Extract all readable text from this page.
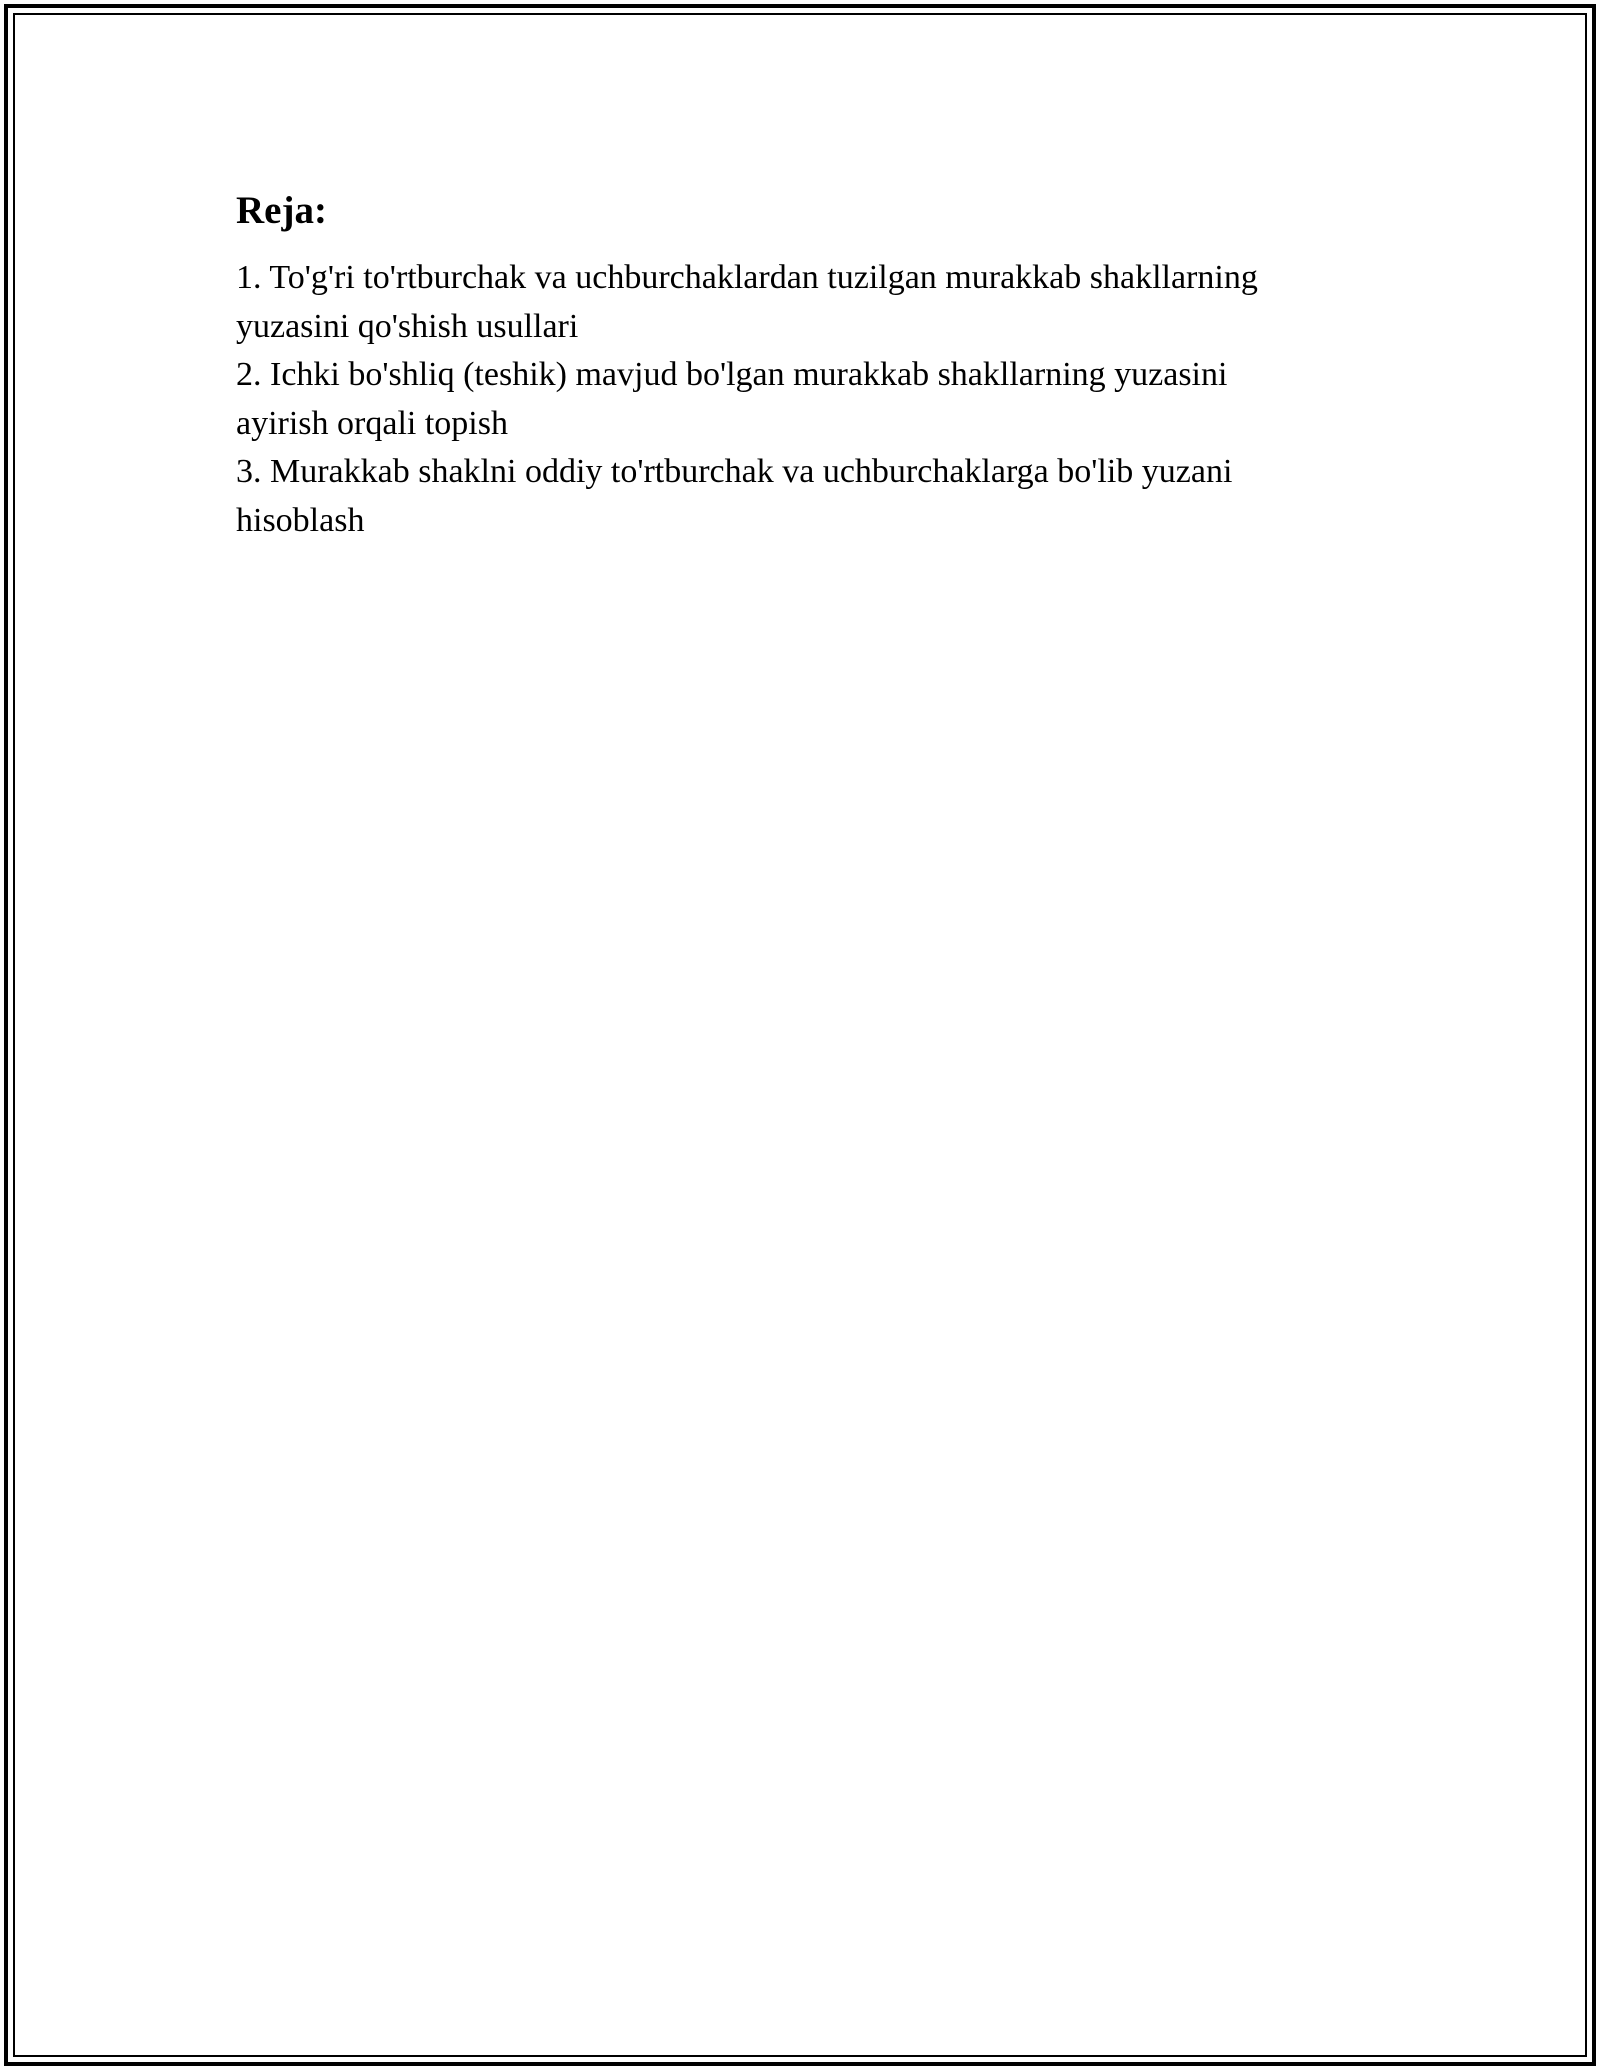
Reja:
1. To'g'ri to'rtburchak va uchburchaklardan tuzilgan murakkab shakllarning
yuzasini qo'shish usullari
2. Ichki bo'shliq (teshik) mavjud bo'lgan murakkab shakllarning yuzasini
ayirish orqali topish
3. Murakkab shaklni oddiy to'rtburchak va uchburchaklarga bo'lib yuzani
hisoblash
